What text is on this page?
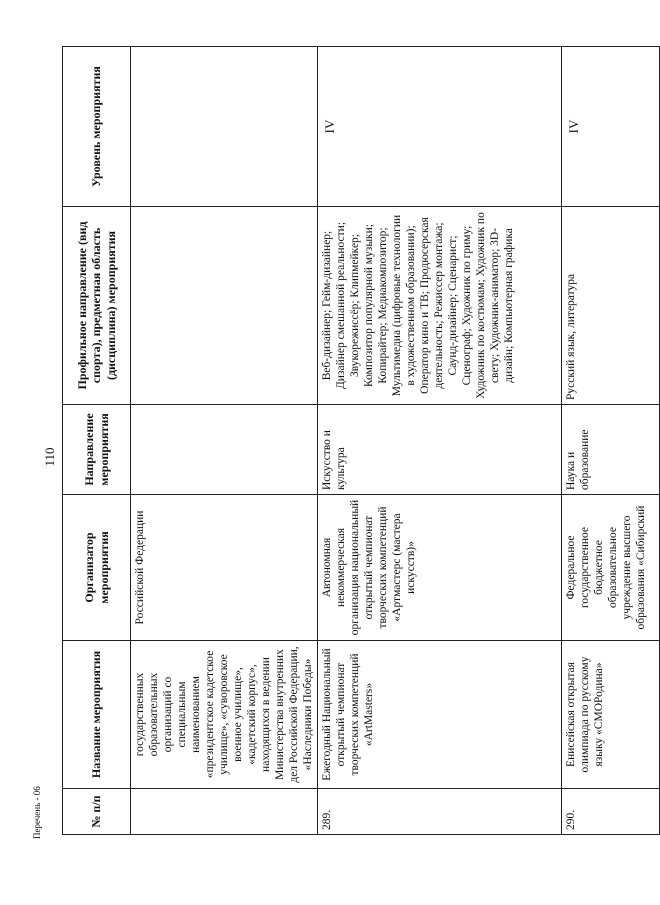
110
№ п/п	Название мероприятия	Организатор мероприятия	Направление мероприятия	Профильное направление (вид спорта), предметная область (дисциплина) мероприятия	Уровень мероприятия
	государственных образовательных организаций со специальным наименованием «президентское кадетское училище», «суворовское военное училище», «кадетский корпус», находящихся в ведении Министерства внутренних дел Российской Федерации, «Наследники Победы»	Российской Федерации			
289.	Ежегодный Национальный открытый чемпионат творческих компетенций «ArtMasters»	Автономная некоммерческая организация национальный открытый чемпионат творческих компетенций «Артмастерс (мастера искусств)»	Искусство и культура	Веб-дизайнер; Гейм-дизайнер; Дизайнер смешанной реальности; Звукорежиссёр; Клипмейкер; Композитор популярной музыки; Копирайтер; Медиакомпозитор; Мультимедиа (цифровые технологии в художественном образовании); Оператор кино и ТВ; Продюсерская деятельность; Режиссер монтажа; Саунд-дизайнер; Сценарист; Сценограф; Художник по гриму; Художник по костюмам; Художник по свету; Художник-аниматор; 3D-дизайн; Компьютерная графика	IV
290.	Енисейская открытая олимпиада по русскому языку «СМОРодина»	Федеральное государственное бюджетное образовательное учреждение высшего образования «Сибирский	Наука и образование	Русский язык, литература	IV
Перечень - 06
